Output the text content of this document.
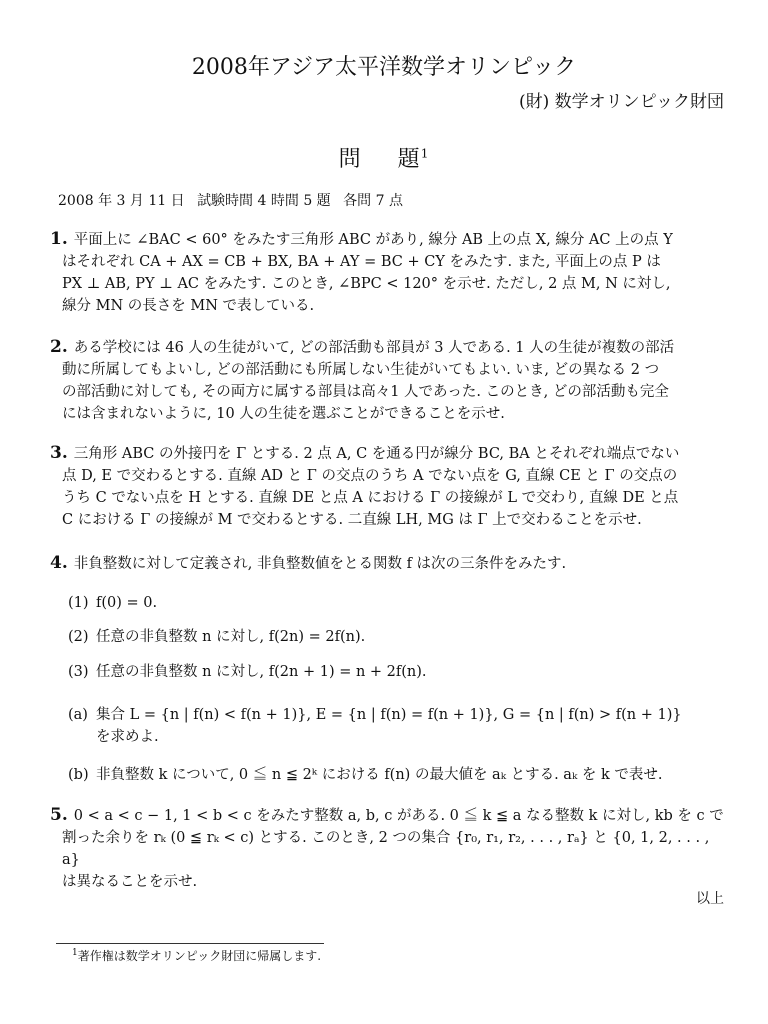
2008年アジア太平洋数学オリンピック
(財) 数学オリンピック財団
問 題$^1$
2008 年 3 月 11 日 試験時間 4 時間 5 題 各問 7 点
1. 平面上に ∠BAC < 60° をみたす三角形 ABC があり, 線分 AB 上の点 X, 線分 AC 上の点 Y
はそれぞれ CA + AX = CB + BX, BA + AY = BC + CY をみたす. また, 平面上の点 P は
PX ⊥ AB, PY ⊥ AC をみたす. このとき, ∠BPC < 120° を示せ. ただし, 2 点 M, N に対し,
線分 MN の長さを MN で表している.
2. ある学校には 46 人の生徒がいて, どの部活動も部員が 3 人である. 1 人の生徒が複数の部活
動に所属してもよいし, どの部活動にも所属しない生徒がいてもよい. いま, どの異なる 2 つ
の部活動に対しても, その両方に属する部員は高々1 人であった. このとき, どの部活動も完全
には含まれないように, 10 人の生徒を選ぶことができることを示せ.
3. 三角形 ABC の外接円を Γ とする. 2 点 A, C を通る円が線分 BC, BA とそれぞれ端点でない
点 D, E で交わるとする. 直線 AD と Γ の交点のうち A でない点を G, 直線 CE と Γ の交点の
うち C でない点を H とする. 直線 DE と点 A における Γ の接線が L で交わり, 直線 DE と点
C における Γ の接線が M で交わるとする. 二直線 LH, MG は Γ 上で交わることを示せ.
4. 非負整数に対して定義され, 非負整数値をとる関数 f は次の三条件をみたす.
(1) f(0) = 0.
(2) 任意の非負整数 n に対し, f(2n) = 2f(n).
(3) 任意の非負整数 n に対し, f(2n + 1) = n + 2f(n).
(a) 集合 L = {n | f(n) < f(n + 1)}, E = {n | f(n) = f(n + 1)}, G = {n | f(n) > f(n + 1)}
を求めよ.
(b) 非負整数 k について, 0 ≦ n ≦ 2ᵏ における f(n) の最大値を aₖ とする. aₖ を k で表せ.
5. 0 < a < c − 1, 1 < b < c をみたす整数 a, b, c がある. 0 ≦ k ≦ a なる整数 k に対し, kb を c で
割った余りを rₖ (0 ≦ rₖ < c) とする. このとき, 2 つの集合 {r₀, r₁, r₂, . . . , rₐ} と {0, 1, 2, . . . , a}
は異なることを示せ.
以上
$^1$著作権は数学オリンピック財団に帰属します.
